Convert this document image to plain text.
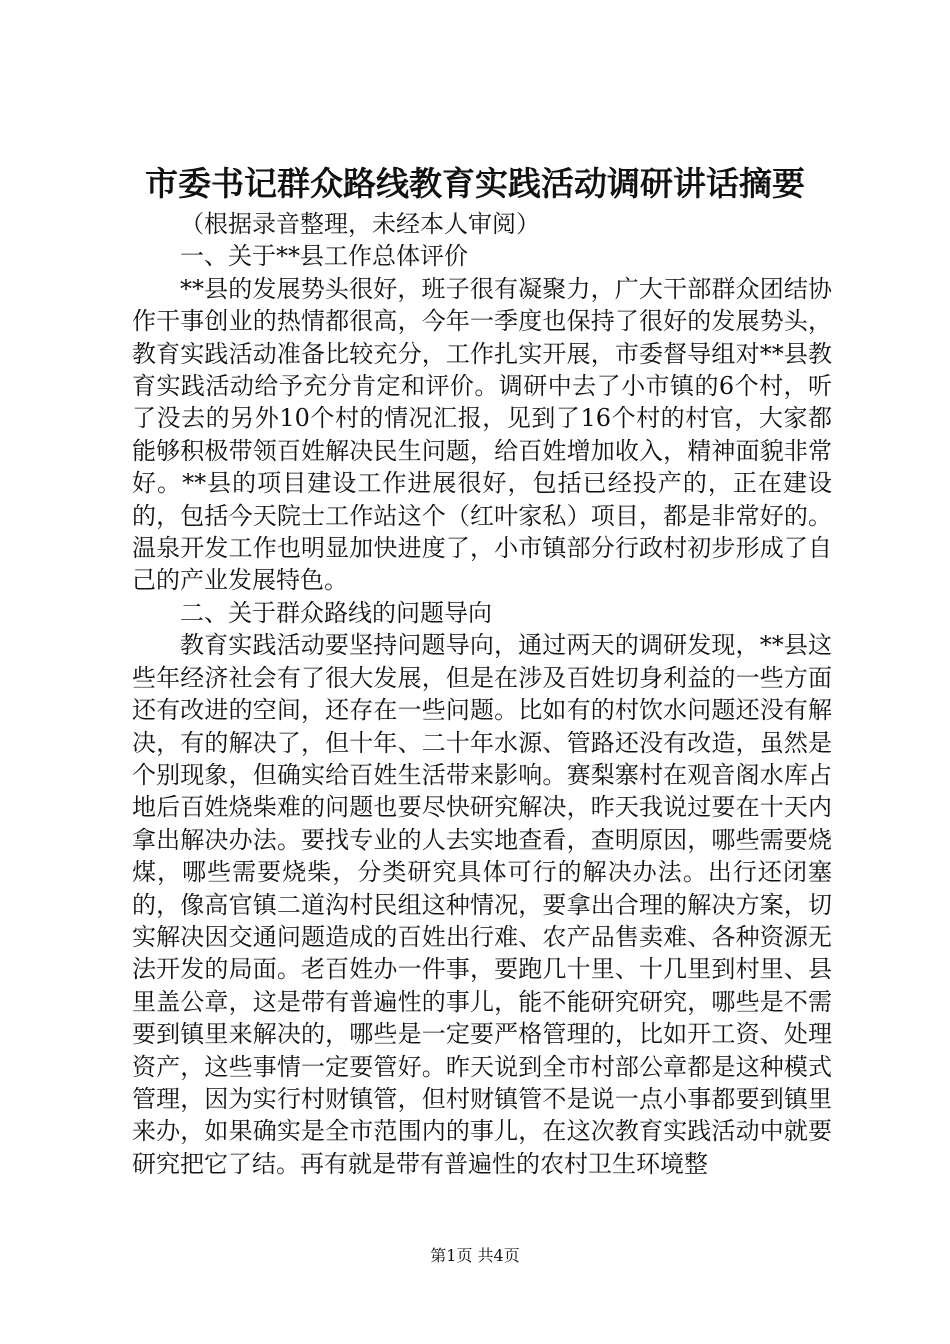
市委书记群众路线教育实践活动调研讲话摘要

（根据录音整理，未经本人审阅）

一、关于**县工作总体评价

**县的发展势头很好，班子很有凝聚力，广大干部群众团结协作干事创业的热情都很高，今年一季度也保持了很好的发展势头，教育实践活动准备比较充分，工作扎实开展，市委督导组对**县教育实践活动给予充分肯定和评价。调研中去了小市镇的6个村，听了没去的另外10个村的情况汇报，见到了16个村的村官，大家都能够积极带领百姓解决民生问题，给百姓增加收入，精神面貌非常好。**县的项目建设工作进展很好，包括已经投产的，正在建设的，包括今天院士工作站这个（红叶家私）项目，都是非常好的。温泉开发工作也明显加快进度了，小市镇部分行政村初步形成了自己的产业发展特色。

二、关于群众路线的问题导向

教育实践活动要坚持问题导向，通过两天的调研发现，**县这些年经济社会有了很大发展，但是在涉及百姓切身利益的一些方面还有改进的空间，还存在一些问题。比如有的村饮水问题还没有解决，有的解决了，但十年、二十年水源、管路还没有改造，虽然是个别现象，但确实给百姓生活带来影响。赛梨寨村在观音阁水库占地后百姓烧柴难的问题也要尽快研究解决，昨天我说过要在十天内拿出解决办法。要找专业的人去实地查看，查明原因，哪些需要烧煤，哪些需要烧柴，分类研究具体可行的解决办法。出行还闭塞的，像高官镇二道沟村民组这种情况，要拿出合理的解决方案，切实解决因交通问题造成的百姓出行难、农产品售卖难、各种资源无法开发的局面。老百姓办一件事，要跑几十里、十几里到村里、县里盖公章，这是带有普遍性的事儿，能不能研究研究，哪些是不需要到镇里来解决的，哪些是一定要严格管理的，比如开工资、处理资产，这些事情一定要管好。昨天说到全市村部公章都是这种模式管理，因为实行村财镇管，但村财镇管不是说一点小事都要到镇里来办，如果确实是全市范围内的事儿，在这次教育实践活动中就要研究把它了结。再有就是带有普遍性的农村卫生环境整

第1页 共4页
